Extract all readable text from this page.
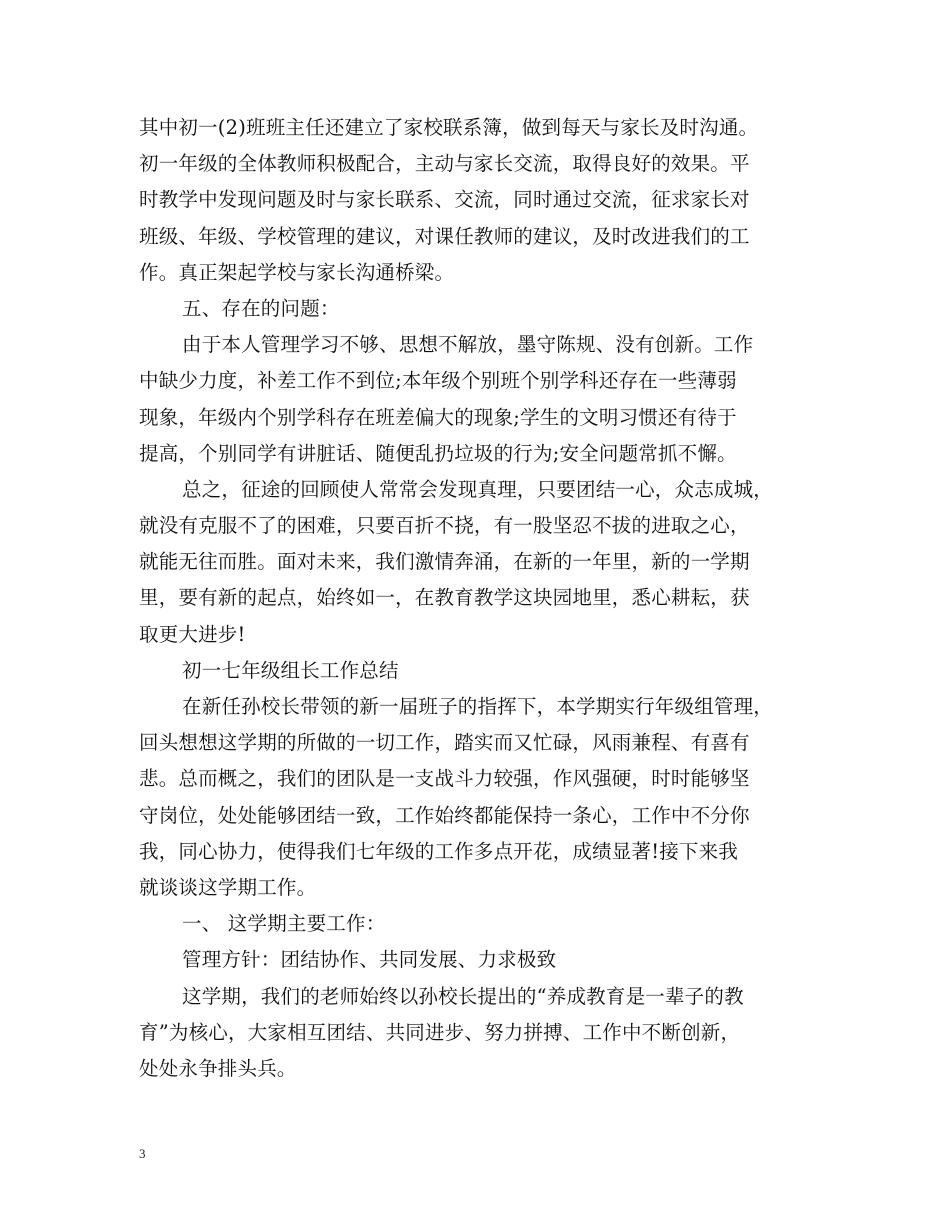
其中初一(2)班班主任还建立了家校联系簿，做到每天与家长及时沟通。
初一年级的全体教师积极配合，主动与家长交流，取得良好的效果。平
时教学中发现问题及时与家长联系、交流，同时通过交流，征求家长对
班级、年级、学校管理的建议，对课任教师的建议，及时改进我们的工
作。真正架起学校与家长沟通桥梁。
五、存在的问题：
由于本人管理学习不够、思想不解放，墨守陈规、没有创新。工作
中缺少力度，补差工作不到位;本年级个别班个别学科还存在一些薄弱
现象，年级内个别学科存在班差偏大的现象;学生的文明习惯还有待于
提高，个别同学有讲脏话、随便乱扔垃圾的行为;安全问题常抓不懈。
总之，征途的回顾使人常常会发现真理，只要团结一心，众志成城，
就没有克服不了的困难，只要百折不挠，有一股坚忍不拔的进取之心，
就能无往而胜。面对未来，我们激情奔涌，在新的一年里，新的一学期
里，要有新的起点，始终如一，在教育教学这块园地里，悉心耕耘，获
取更大进步!
初一七年级组长工作总结
在新任孙校长带领的新一届班子的指挥下，本学期实行年级组管理，
回头想想这学期的所做的一切工作，踏实而又忙碌，风雨兼程、有喜有
悲。总而概之，我们的团队是一支战斗力较强，作风强硬，时时能够坚
守岗位，处处能够团结一致，工作始终都能保持一条心，工作中不分你
我，同心协力，使得我们七年级的工作多点开花，成绩显著!接下来我
就谈谈这学期工作。
一、 这学期主要工作：
管理方针：团结协作、共同发展、力求极致
这学期，我们的老师始终以孙校长提出的“养成教育是一辈子的教
育”为核心，大家相互团结、共同进步、努力拼搏、工作中不断创新，
处处永争排头兵。
3
